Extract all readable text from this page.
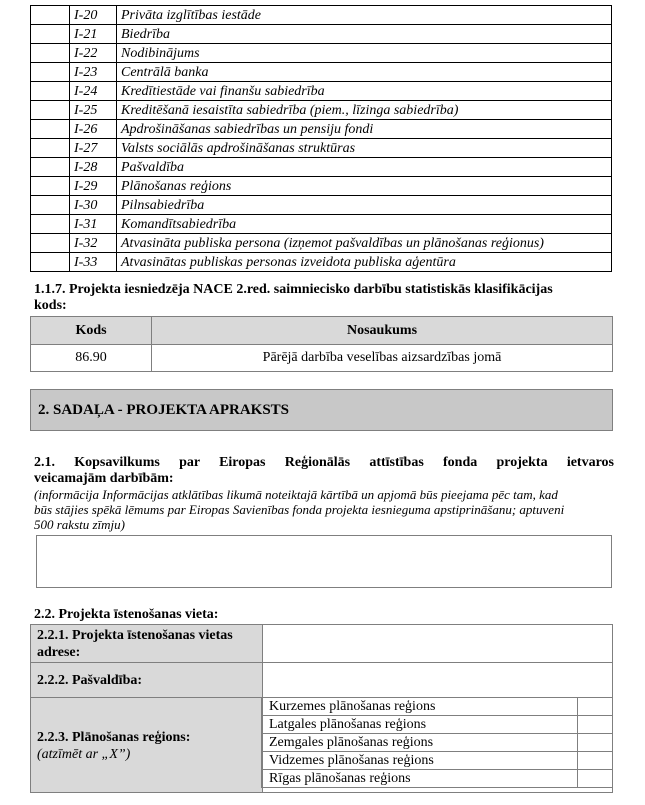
	I-20	Privāta izglītības iestāde
	I-21	Biedrība
	I-22	Nodibinājums
	I-23	Centrālā banka
	I-24	Kredītiestāde vai finanšu sabiedrība
	I-25	Kreditēšanā iesaistīta sabiedrība (piem., līzinga sabiedrība)
	I-26	Apdrošināšanas sabiedrības un pensiju fondi
	I-27	Valsts sociālās apdrošināšanas struktūras
	I-28	Pašvaldība
	I-29	Plānošanas reģions
	I-30	Pilnsabiedrība
	I-31	Komandītsabiedrība
	I-32	Atvasināta publiska persona (izņemot pašvaldības un plānošanas reģionus)
	I-33	Atvasinātas publiskas personas izveidota publiska aģentūra
1.1.7. Projekta iesniedzēja NACE 2.red. saimniecisko darbību statistiskās klasifikācijas
kods:
Kods	Nosaukums
86.90	Pārējā darbība veselības aizsardzības jomā
2. SADAĻA - PROJEKTA APRAKSTS
2.1. Kopsavilkums par Eiropas Reģionālās attīstības fonda projekta ietvaros
veicamajām darbībām:
(informācija Informācijas atklātības likumā noteiktajā kārtībā un apjomā būs pieejama pēc tam, kad
būs stājies spēkā lēmums par Eiropas Savienības fonda projekta iesnieguma apstiprināšanu; aptuveni
500 rakstu zīmju)
2.2. Projekta īstenošanas vieta:
2.2.1. Projekta īstenošanas vietas
adrese:	

2.2.2. Pašvaldība:	

2.2.3. Plānošanas reģions:
(atzīmēt ar „X”)	

Kurzemes plānošanas reģions	
Latgales plānošanas reģions	
Zemgales plānošanas reģions	
Vidzemes plānošanas reģions	
Rīgas plānošanas reģions	
